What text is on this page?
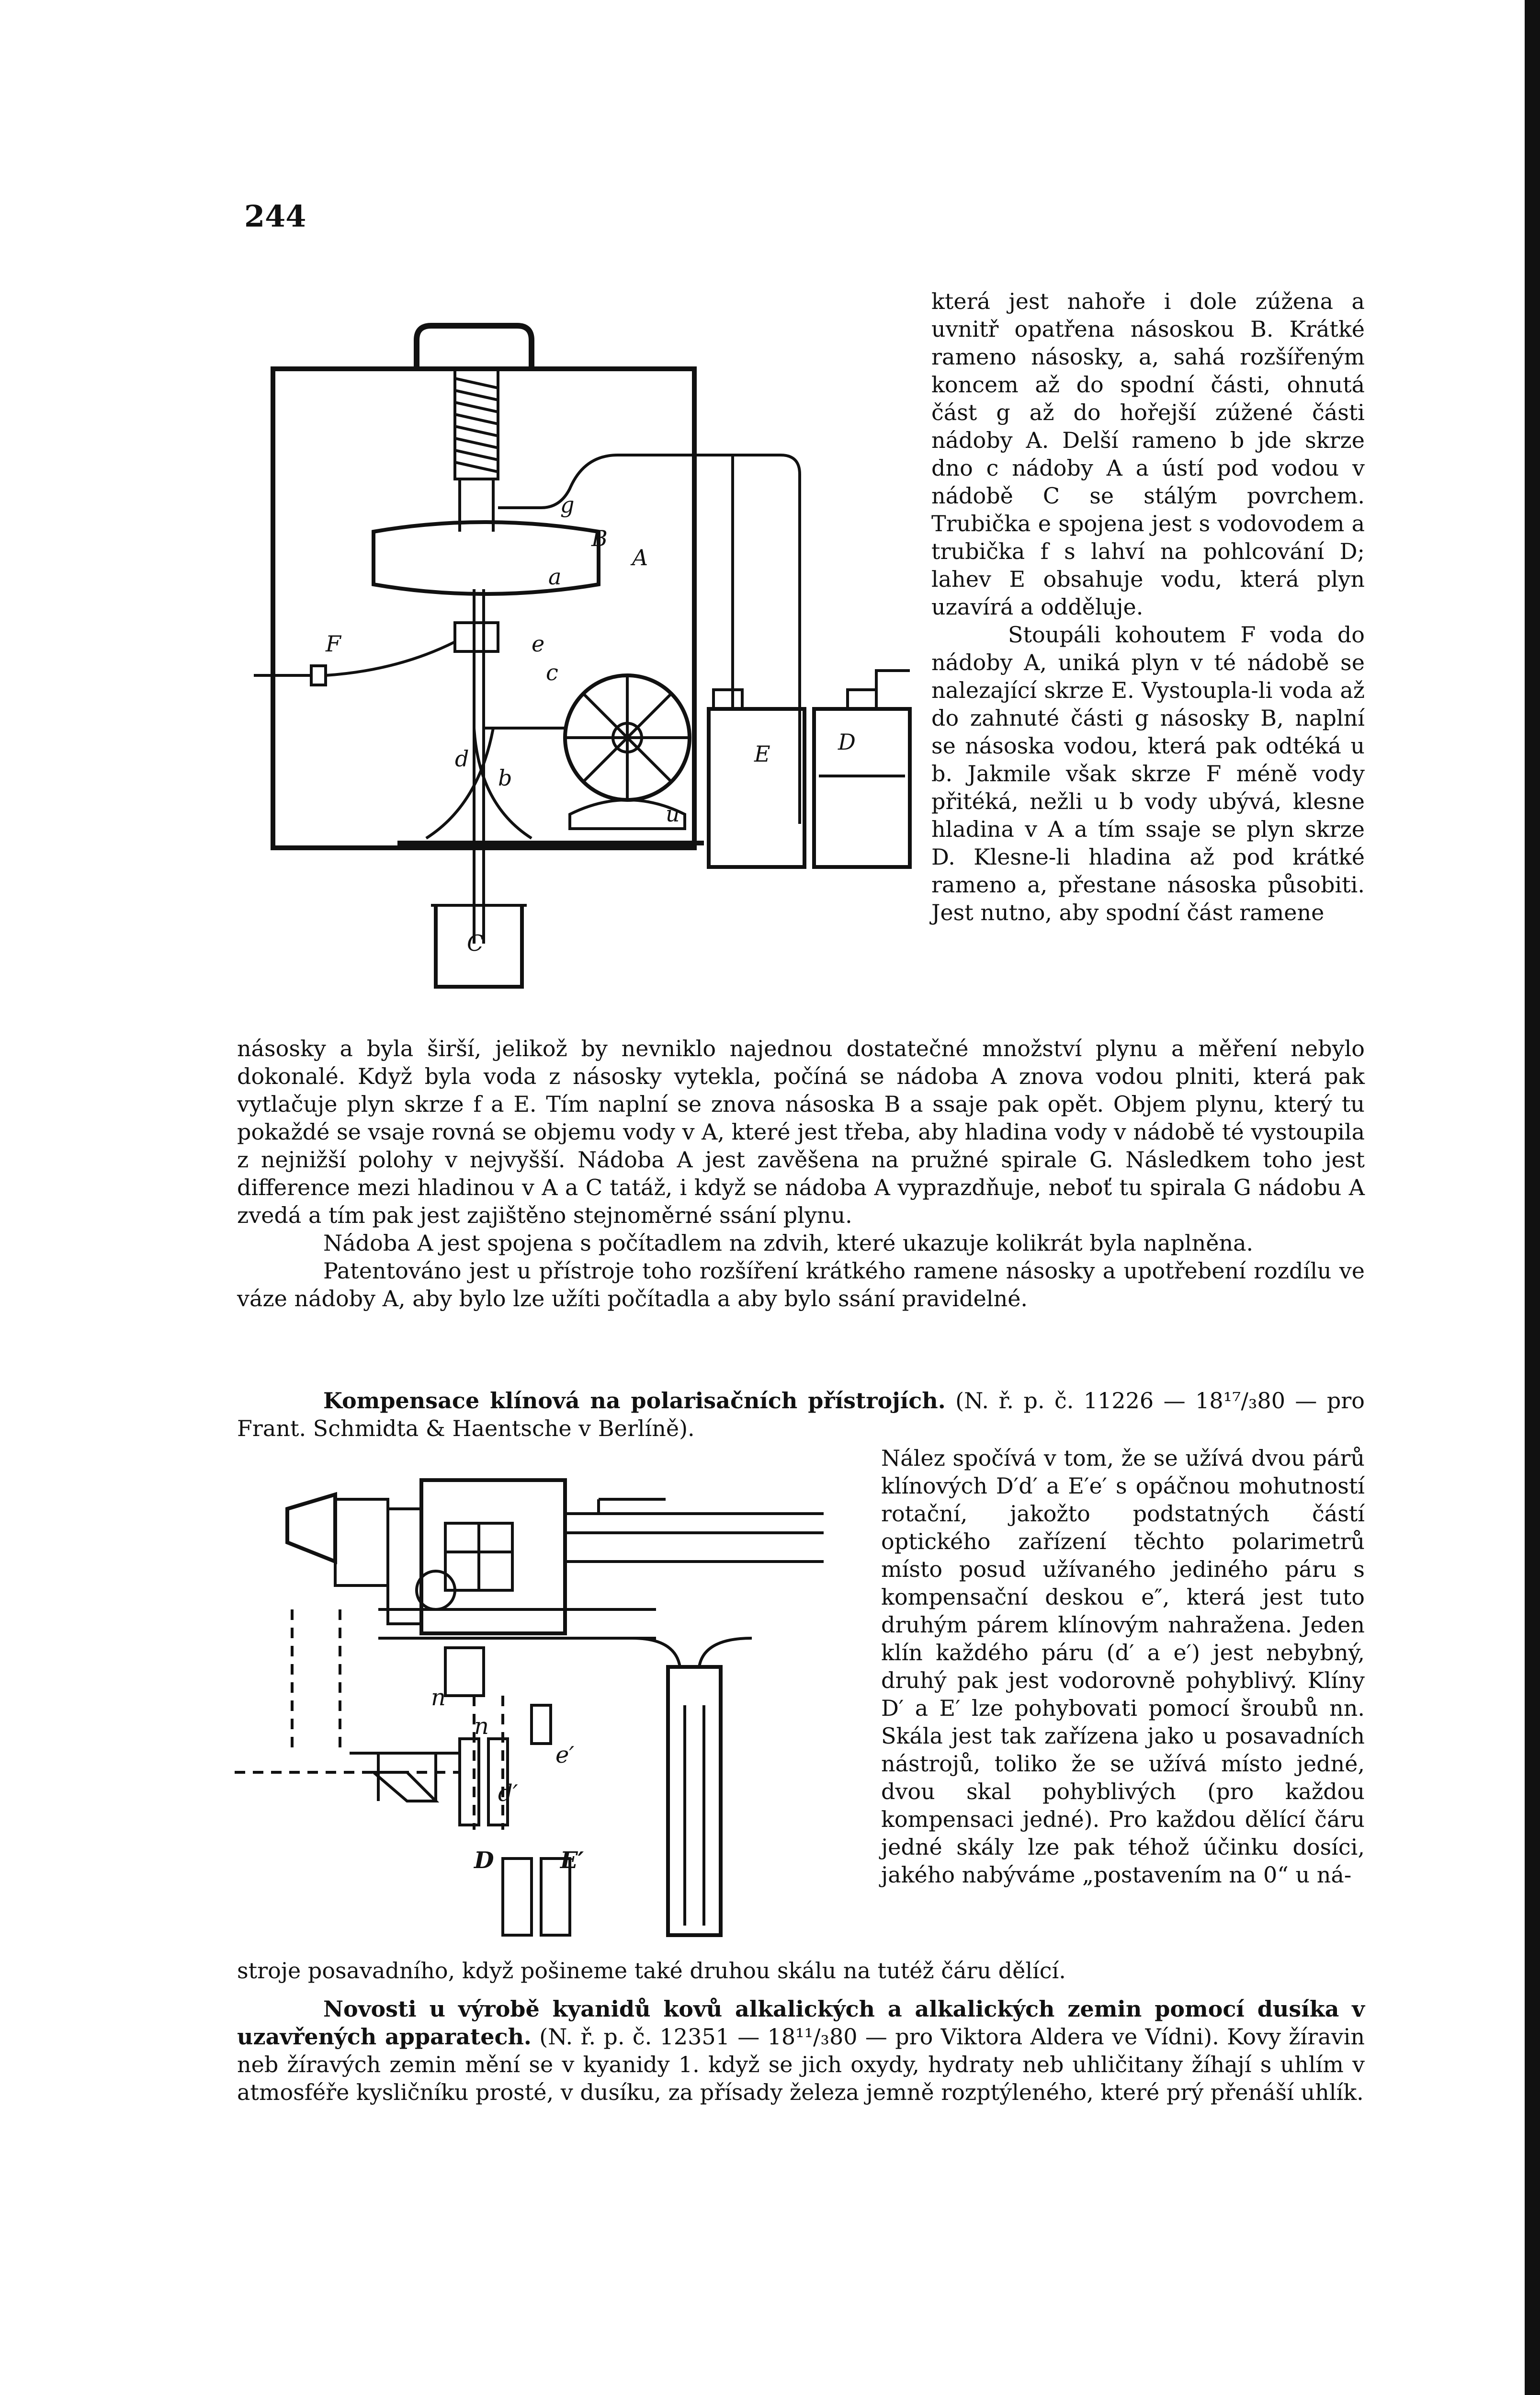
244

A
a
g
B
F	e
c
d
b
E	D
u
C
n
n
e′
d′
D	E′

která jest nahoře i dole zúžena a uvnitř opatřena násoskou B. Krátké rameno násosky, a, sahá rozšířeným koncem až do spodní části, ohnutá část g až do hořejší zúžené části nádoby A. Delší rameno b jde skrze dno c nádoby A a ústí pod vodou v nádobě C se stálým povrchem. Trubička e spojena jest s vodovodem a trubička f s lahví na pohlcování D; lahev E obsahuje vodu, která plyn uzavírá a odděluje.

Stoupáli kohoutem F voda do nádoby A, uniká plyn v té nádobě se nalezající skrze E. Vystoupla-li voda až do zahnuté části g násosky B, naplní se násoska vodou, která pak odtéká u b. Jakmile však skrze F méně vody přitéká, nežli u b vody ubývá, klesne hladina v A a tím ssaje se plyn skrze D. Klesne-li hladina až pod krátké rameno a, přestane násoska působiti. Jest nutno, aby spodní část ramene

násosky a byla širší, jelikož by nevniklo najednou dostatečné množství plynu a měření nebylo dokonalé. Když byla voda z násosky vytekla, počíná se nádoba A znova vodou plniti, která pak vytlačuje plyn skrze f a E. Tím naplní se znova násoska B a ssaje pak opět. Objem plynu, který tu pokaždé se vsaje rovná se objemu vody v A, které jest třeba, aby hladina vody v nádobě té vystoupila z nejnižší polohy v nejvyšší. Nádoba A jest zavěšena na pružné spirale G. Následkem toho jest difference mezi hladinou v A a C tatáž, i když se nádoba A vyprazdňuje, neboť tu spirala G nádobu A zvedá a tím pak jest zajištěno stejnoměrné ssání plynu.

Nádoba A jest spojena s počítadlem na zdvih, které ukazuje kolikrát byla naplněna.

Patentováno jest u přístroje toho rozšíření krátkého ramene násosky a upotřebení rozdílu ve váze nádoby A, aby bylo lze užíti počítadla a aby bylo ssání pravidelné.

Kompensace klínová na polarisačních přístrojích. (N. ř. p. č. 11226 — 18¹⁷/₃80 — pro Frant. Schmidta & Haentsche v Berlíně).

Nález spočívá v tom, že se užívá dvou párů klínových D′d′ a E′e′ s opáčnou mohutností rotační, jakožto podstatných částí optického zařízení těchto polarimetrů místo posud užívaného jediného páru s kompensační deskou e″, která jest tuto druhým párem klínovým nahražena. Jeden klín každého páru (d′ a e′) jest nebybný, druhý pak jest vodorovně pohyblivý. Klíny D′ a E′ lze pohybovati pomocí šroubů nn. Skála jest tak zařízena jako u posavadních nástrojů, toliko že se užívá místo jedné, dvou skal pohyblivých (pro každou kompensaci jedné). Pro každou dělící čáru jedné skály lze pak téhož účinku dosíci, jakého nabýváme „postavením na 0“ u ná-

stroje posavadního, když pošineme také druhou skálu na tutéž čáru dělící.

Novosti u výrobě kyanidů kovů alkalických a alkalických zemin pomocí dusíka v uzavřených apparatech. (N. ř. p. č. 12351 — 18¹¹/₃80 — pro Viktora Aldera ve Vídni). Kovy žíravin neb žíravých zemin mění se v kyanidy 1. když se jich oxydy, hydraty neb uhličitany žíhají s uhlím v atmosféře kysličníku prosté, v dusíku, za přísady železa jemně rozptýleného, které prý přenáší uhlík.
